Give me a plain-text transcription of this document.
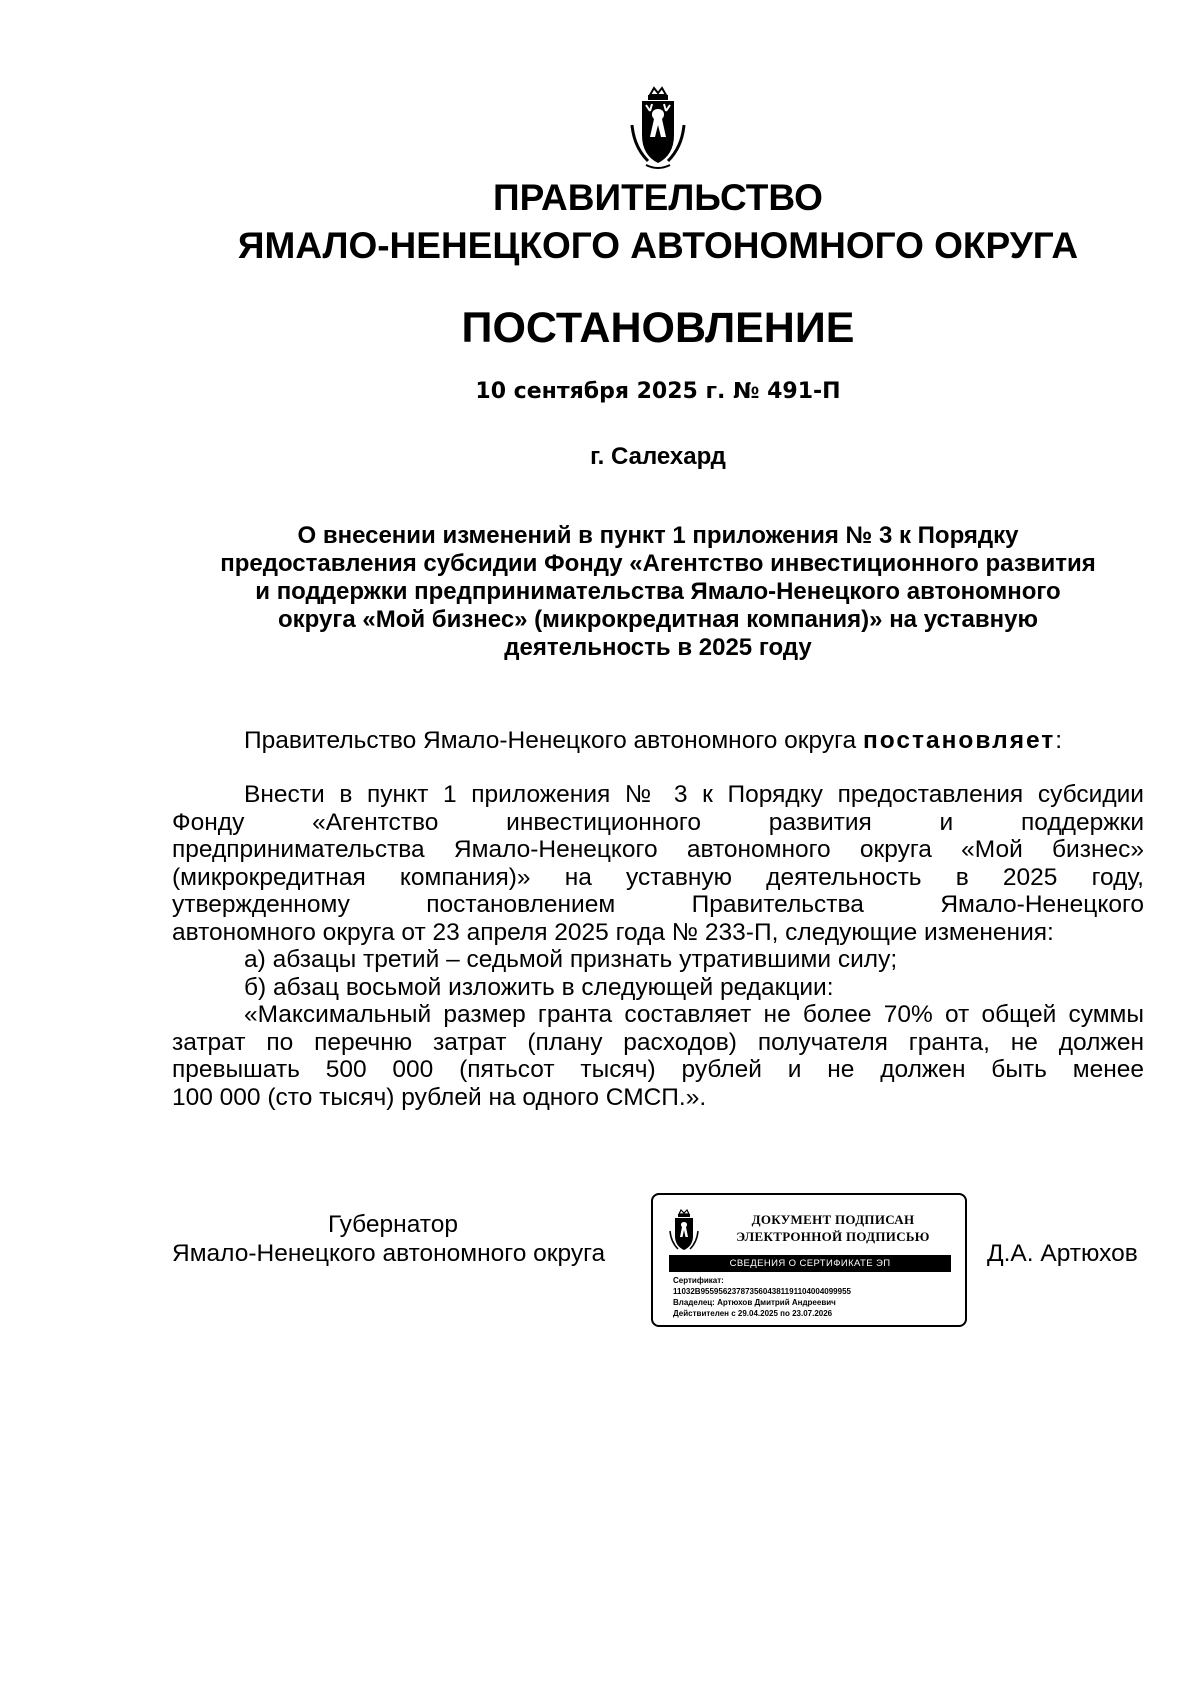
ПРАВИТЕЛЬСТВО
ЯМАЛО-НЕНЕЦКОГО АВТОНОМНОГО ОКРУГА
ПОСТАНОВЛЕНИЕ
10 сентября 2025 г. № 491-П
г. Салехард
О внесении изменений в пункт 1 приложения № 3 к Порядку
предоставления субсидии Фонду «Агентство инвестиционного развития
и поддержки предпринимательства Ямало-Ненецкого автономного
округа «Мой бизнес» (микрокредитная компания)» на уставную
деятельность в 2025 году
Правительство Ямало-Ненецкого автономного округа постановляет:
Внести в пункт 1 приложения № 3 к Порядку предоставления субсидии
Фонду «Агентство инвестиционного развития и поддержки
предпринимательства Ямало-Ненецкого автономного округа «Мой бизнес»
(микрокредитная компания)» на уставную деятельность в 2025 году,
утвержденному постановлением Правительства Ямало-Ненецкого
автономного округа от 23 апреля 2025 года № 233-П, следующие изменения:
а) абзацы третий – седьмой признать утратившими силу;
б) абзац восьмой изложить в следующей редакции:
«Максимальный размер гранта составляет не более 70% от общей суммы
затрат по перечню затрат (плану расходов) получателя гранта, не должен
превышать 500 000 (пятьсот тысяч) рублей и не должен быть менее
100 000 (сто тысяч) рублей на одного СМСП.».
Губернатор
Ямало-Ненецкого автономного округа
ДОКУМЕНТ ПОДПИСАН
ЭЛЕКТРОННОЙ ПОДПИСЬЮ
СВЕДЕНИЯ О СЕРТИФИКАТЕ ЭП
Сертификат:
11032B9559562378735604381191104004099955
Владелец: Артюхов Дмитрий Андреевич
Действителен с 29.04.2025 по 23.07.2026
Д.А. Артюхов
